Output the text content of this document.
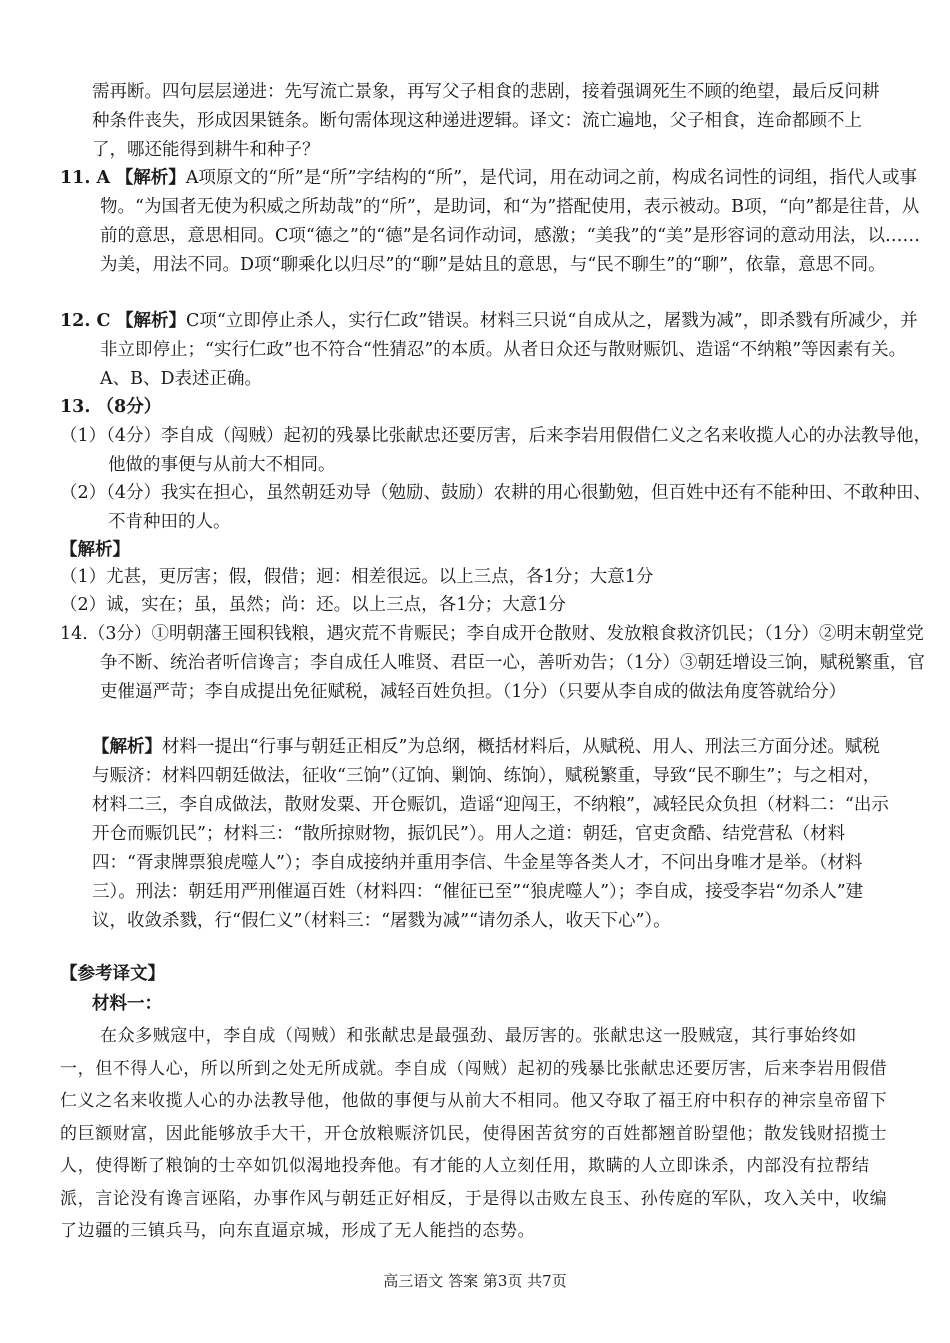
需再断。四句层层递进：先写流亡景象，再写父子相食的悲剧，接着强调死生不顾的绝望，最后反问耕种条件丧失，形成因果链条。断句需体现这种递进逻辑。译文：流亡遍地，父子相食，连命都顾不上了，哪还能得到耕牛和种子？

11. A 【解析】A项原文的“所”是“所”字结构的“所”，是代词，用在动词之前，构成名词性的词组，指代人或事物。“为国者无使为积威之所劫哉”的“所”，是助词，和“为”搭配使用，表示被动。B项，“向”都是往昔，从前的意思，意思相同。C项“德之”的“德”是名词作动词，感激；“美我”的“美”是形容词的意动用法，以……为美，用法不同。D项“聊乘化以归尽”的“聊”是姑且的意思，与“民不聊生”的“聊”，依靠，意思不同。

12. C 【解析】C项“立即停止杀人，实行仁政”错误。材料三只说“自成从之，屠戮为减”，即杀戮有所减少，并非立即停止；“实行仁政”也不符合“性猜忍”的本质。从者日众还与散财赈饥、造谣“不纳粮”等因素有关。A、B、D表述正确。

13. （8分）

（1）（4分）李自成（闯贼）起初的残暴比张献忠还要厉害，后来李岩用假借仁义之名来收揽人心的办法教导他，他做的事便与从前大不相同。

（2）（4分）我实在担心，虽然朝廷劝导（勉励、鼓励）农耕的用心很勤勉，但百姓中还有不能种田、不敢种田、不肯种田的人。

【解析】

（1）尤甚，更厉害；假，假借；迥：相差很远。以上三点，各1分；大意1分

（2）诚，实在；虽，虽然；尚：还。以上三点，各1分；大意1分

14.（3分）①明朝藩王囤积钱粮，遇灾荒不肯赈民；李自成开仓散财、发放粮食救济饥民；（1分）②明末朝堂党争不断、统治者听信谗言；李自成任人唯贤、君臣一心，善听劝告；（1分）③朝廷增设三饷，赋税繁重，官吏催逼严苛；李自成提出免征赋税，减轻百姓负担。（1分）（只要从李自成的做法角度答就给分）

【解析】材料一提出“行事与朝廷正相反”为总纲，概括材料后，从赋税、用人、刑法三方面分述。赋税与赈济：材料四朝廷做法，征收“三饷”（辽饷、剿饷、练饷），赋税繁重，导致“民不聊生”；与之相对，材料二三，李自成做法，散财发粟、开仓赈饥，造谣“迎闯王，不纳粮”，减轻民众负担（材料二：“出示开仓而赈饥民”；材料三：“散所掠财物，振饥民”）。用人之道：朝廷，官吏贪酷、结党营私（材料四：“胥隶牌票狼虎噬人”）；李自成接纳并重用李信、牛金星等各类人才，不问出身唯才是举。（材料三）。刑法：朝廷用严刑催逼百姓（材料四：“催征已至”“狼虎噬人”）；李自成，接受李岩“勿杀人”建议，收敛杀戮，行“假仁义”（材料三：“屠戮为减”“请勿杀人，收天下心”）。

【参考译文】

材料一：

在众多贼寇中，李自成（闯贼）和张献忠是最强劲、最厉害的。张献忠这一股贼寇，其行事始终如一，但不得人心，所以所到之处无所成就。李自成（闯贼）起初的残暴比张献忠还要厉害，后来李岩用假借仁义之名来收揽人心的办法教导他，他做的事便与从前大不相同。他又夺取了福王府中积存的神宗皇帝留下的巨额财富，因此能够放手大干，开仓放粮赈济饥民，使得困苦贫穷的百姓都翘首盼望他；散发钱财招揽士人，使得断了粮饷的士卒如饥似渴地投奔他。有才能的人立刻任用，欺瞒的人立即诛杀，内部没有拉帮结派，言论没有谗言诬陷，办事作风与朝廷正好相反，于是得以击败左良玉、孙传庭的军队，攻入关中，收编了边疆的三镇兵马，向东直逼京城，形成了无人能挡的态势。

高三语文 答案 第3页 共7页
